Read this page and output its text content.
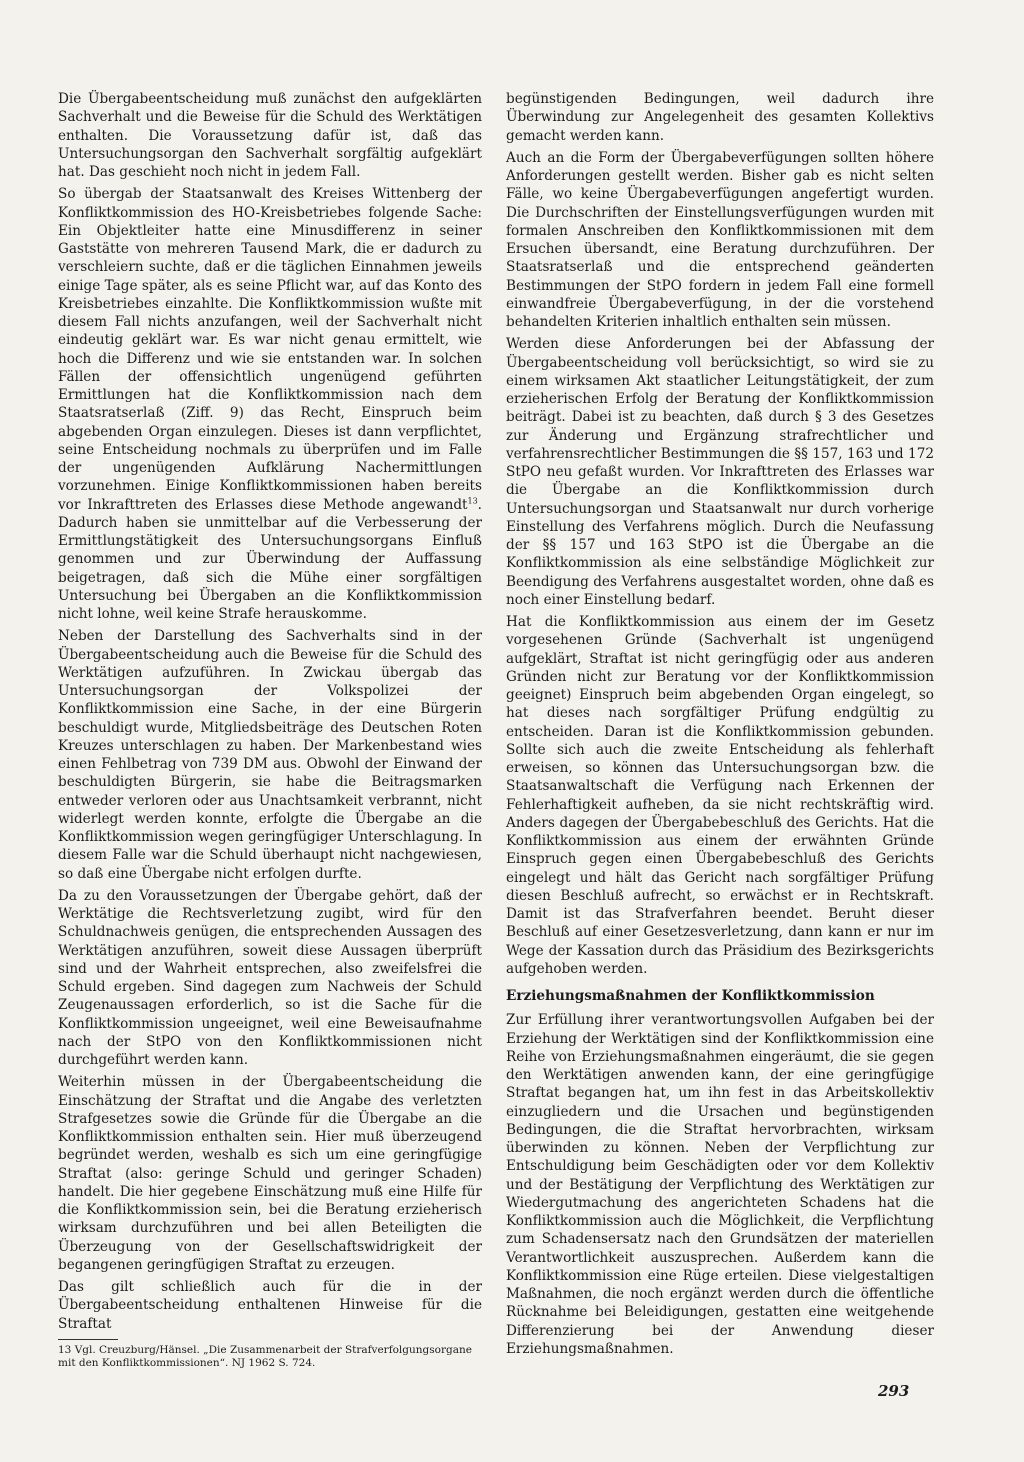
Die Übergabeentscheidung muß zunächst den aufgeklärten Sachverhalt und die Beweise für die Schuld des Werktätigen enthalten. Die Voraussetzung dafür ist, daß das Untersuchungsorgan den Sachverhalt sorgfältig aufgeklärt hat. Das geschieht noch nicht in jedem Fall.

So übergab der Staatsanwalt des Kreises Wittenberg der Konfliktkommission des HO-Kreisbetriebes folgende Sache: Ein Objektleiter hatte eine Minusdifferenz in seiner Gaststätte von mehreren Tausend Mark, die er dadurch zu verschleiern suchte, daß er die täglichen Einnahmen jeweils einige Tage später, als es seine Pflicht war, auf das Konto des Kreisbetriebes einzahlte. Die Konfliktkommission wußte mit diesem Fall nichts anzufangen, weil der Sachverhalt nicht eindeutig geklärt war. Es war nicht genau ermittelt, wie hoch die Differenz und wie sie entstanden war. In solchen Fällen der offensichtlich ungenügend geführten Ermittlungen hat die Konfliktkommission nach dem Staatsratserlaß (Ziff. 9) das Recht, Einspruch beim abgebenden Organ einzulegen. Dieses ist dann verpflichtet, seine Entscheidung nochmals zu überprüfen und im Falle der ungenügenden Aufklärung Nachermittlungen vorzunehmen. Einige Konfliktkommissionen haben bereits vor Inkrafttreten des Erlasses diese Methode angewandt$^{13}$. Dadurch haben sie unmittelbar auf die Verbesserung der Ermittlungstätigkeit des Untersuchungsorgans Einfluß genommen und zur Überwindung der Auffassung beigetragen, daß sich die Mühe einer sorgfältigen Untersuchung bei Übergaben an die Konfliktkommission nicht lohne, weil keine Strafe herauskomme.

Neben der Darstellung des Sachverhalts sind in der Übergabeentscheidung auch die Beweise für die Schuld des Werktätigen aufzuführen. In Zwickau übergab das Untersuchungsorgan der Volkspolizei der Konfliktkommission eine Sache, in der eine Bürgerin beschuldigt wurde, Mitgliedsbeiträge des Deutschen Roten Kreuzes unterschlagen zu haben. Der Markenbestand wies einen Fehlbetrag von 739 DM aus. Obwohl der Einwand der beschuldigten Bürgerin, sie habe die Beitragsmarken entweder verloren oder aus Unachtsamkeit verbrannt, nicht widerlegt werden konnte, erfolgte die Übergabe an die Konfliktkommission wegen geringfügiger Unterschlagung. In diesem Falle war die Schuld überhaupt nicht nachgewiesen, so daß eine Übergabe nicht erfolgen durfte.

Da zu den Voraussetzungen der Übergabe gehört, daß der Werktätige die Rechtsverletzung zugibt, wird für den Schuldnachweis genügen, die entsprechenden Aussagen des Werktätigen anzuführen, soweit diese Aussagen überprüft sind und der Wahrheit entsprechen, also zweifelsfrei die Schuld ergeben. Sind dagegen zum Nachweis der Schuld Zeugenaussagen erforderlich, so ist die Sache für die Konfliktkommission ungeeignet, weil eine Beweisaufnahme nach der StPO von den Konfliktkommissionen nicht durchgeführt werden kann.

Weiterhin müssen in der Übergabeentscheidung die Einschätzung der Straftat und die Angabe des verletzten Strafgesetzes sowie die Gründe für die Übergabe an die Konfliktkommission enthalten sein. Hier muß überzeugend begründet werden, weshalb es sich um eine geringfügige Straftat (also: geringe Schuld und geringer Schaden) handelt. Die hier gegebene Einschätzung muß eine Hilfe für die Konfliktkommission sein, bei die Beratung erzieherisch wirksam durchzuführen und bei allen Beteiligten die Überzeugung von der Gesellschaftswidrigkeit der begangenen geringfügigen Straftat zu erzeugen.

Das gilt schließlich auch für die in der Übergabeentscheidung enthaltenen Hinweise für die Straftat

13 Vgl. Creuzburg/Hänsel. „Die Zusammenarbeit der Strafverfolgungsorgane mit den Konfliktkommissionen“. NJ 1962 S. 724.

begünstigenden Bedingungen, weil dadurch ihre Überwindung zur Angelegenheit des gesamten Kollektivs gemacht werden kann.

Auch an die Form der Übergabeverfügungen sollten höhere Anforderungen gestellt werden. Bisher gab es nicht selten Fälle, wo keine Übergabeverfügungen angefertigt wurden. Die Durchschriften der Einstellungsverfügungen wurden mit formalen Anschreiben den Konfliktkommissionen mit dem Ersuchen übersandt, eine Beratung durchzuführen. Der Staatsratserlaß und die entsprechend geänderten Bestimmungen der StPO fordern in jedem Fall eine formell einwandfreie Übergabeverfügung, in der die vorstehend behandelten Kriterien inhaltlich enthalten sein müssen.

Werden diese Anforderungen bei der Abfassung der Übergabeentscheidung voll berücksichtigt, so wird sie zu einem wirksamen Akt staatlicher Leitungstätigkeit, der zum erzieherischen Erfolg der Beratung der Konfliktkommission beiträgt. Dabei ist zu beachten, daß durch § 3 des Gesetzes zur Änderung und Ergänzung strafrechtlicher und verfahrensrechtlicher Bestimmungen die §§ 157, 163 und 172 StPO neu gefaßt wurden. Vor Inkrafttreten des Erlasses war die Übergabe an die Konfliktkommission durch Untersuchungsorgan und Staatsanwalt nur durch vorherige Einstellung des Verfahrens möglich. Durch die Neufassung der §§ 157 und 163 StPO ist die Übergabe an die Konfliktkommission als eine selbständige Möglichkeit zur Beendigung des Verfahrens ausgestaltet worden, ohne daß es noch einer Einstellung bedarf.

Hat die Konfliktkommission aus einem der im Gesetz vorgesehenen Gründe (Sachverhalt ist ungenügend aufgeklärt, Straftat ist nicht geringfügig oder aus anderen Gründen nicht zur Beratung vor der Konfliktkommission geeignet) Einspruch beim abgebenden Organ eingelegt, so hat dieses nach sorgfältiger Prüfung endgültig zu entscheiden. Daran ist die Konfliktkommission gebunden. Sollte sich auch die zweite Entscheidung als fehlerhaft erweisen, so können das Untersuchungsorgan bzw. die Staatsanwaltschaft die Verfügung nach Erkennen der Fehlerhaftigkeit aufheben, da sie nicht rechtskräftig wird. Anders dagegen der Übergabebeschluß des Gerichts. Hat die Konfliktkommission aus einem der erwähnten Gründe Einspruch gegen einen Übergabebeschluß des Gerichts eingelegt und hält das Gericht nach sorgfältiger Prüfung diesen Beschluß aufrecht, so erwächst er in Rechtskraft. Damit ist das Strafverfahren beendet. Beruht dieser Beschluß auf einer Gesetzesverletzung, dann kann er nur im Wege der Kassation durch das Präsidium des Bezirksgerichts aufgehoben werden.

Erziehungsmaßnahmen der Konfliktkommission

Zur Erfüllung ihrer verantwortungsvollen Aufgaben bei der Erziehung der Werktätigen sind der Konfliktkommission eine Reihe von Erziehungsmaßnahmen eingeräumt, die sie gegen den Werktätigen anwenden kann, der eine geringfügige Straftat begangen hat, um ihn fest in das Arbeitskollektiv einzugliedern und die Ursachen und begünstigenden Bedingungen, die die Straftat hervorbrachten, wirksam überwinden zu können. Neben der Verpflichtung zur Entschuldigung beim Geschädigten oder vor dem Kollektiv und der Bestätigung der Verpflichtung des Werktätigen zur Wiedergutmachung des angerichteten Schadens hat die Konfliktkommission auch die Möglichkeit, die Verpflichtung zum Schadensersatz nach den Grundsätzen der materiellen Verantwortlichkeit auszusprechen. Außerdem kann die Konfliktkommission eine Rüge erteilen. Diese vielgestaltigen Maßnahmen, die noch ergänzt werden durch die öffentliche Rücknahme bei Beleidigungen, gestatten eine weitgehende Differenzierung bei der Anwendung dieser Erziehungsmaßnahmen.

293
